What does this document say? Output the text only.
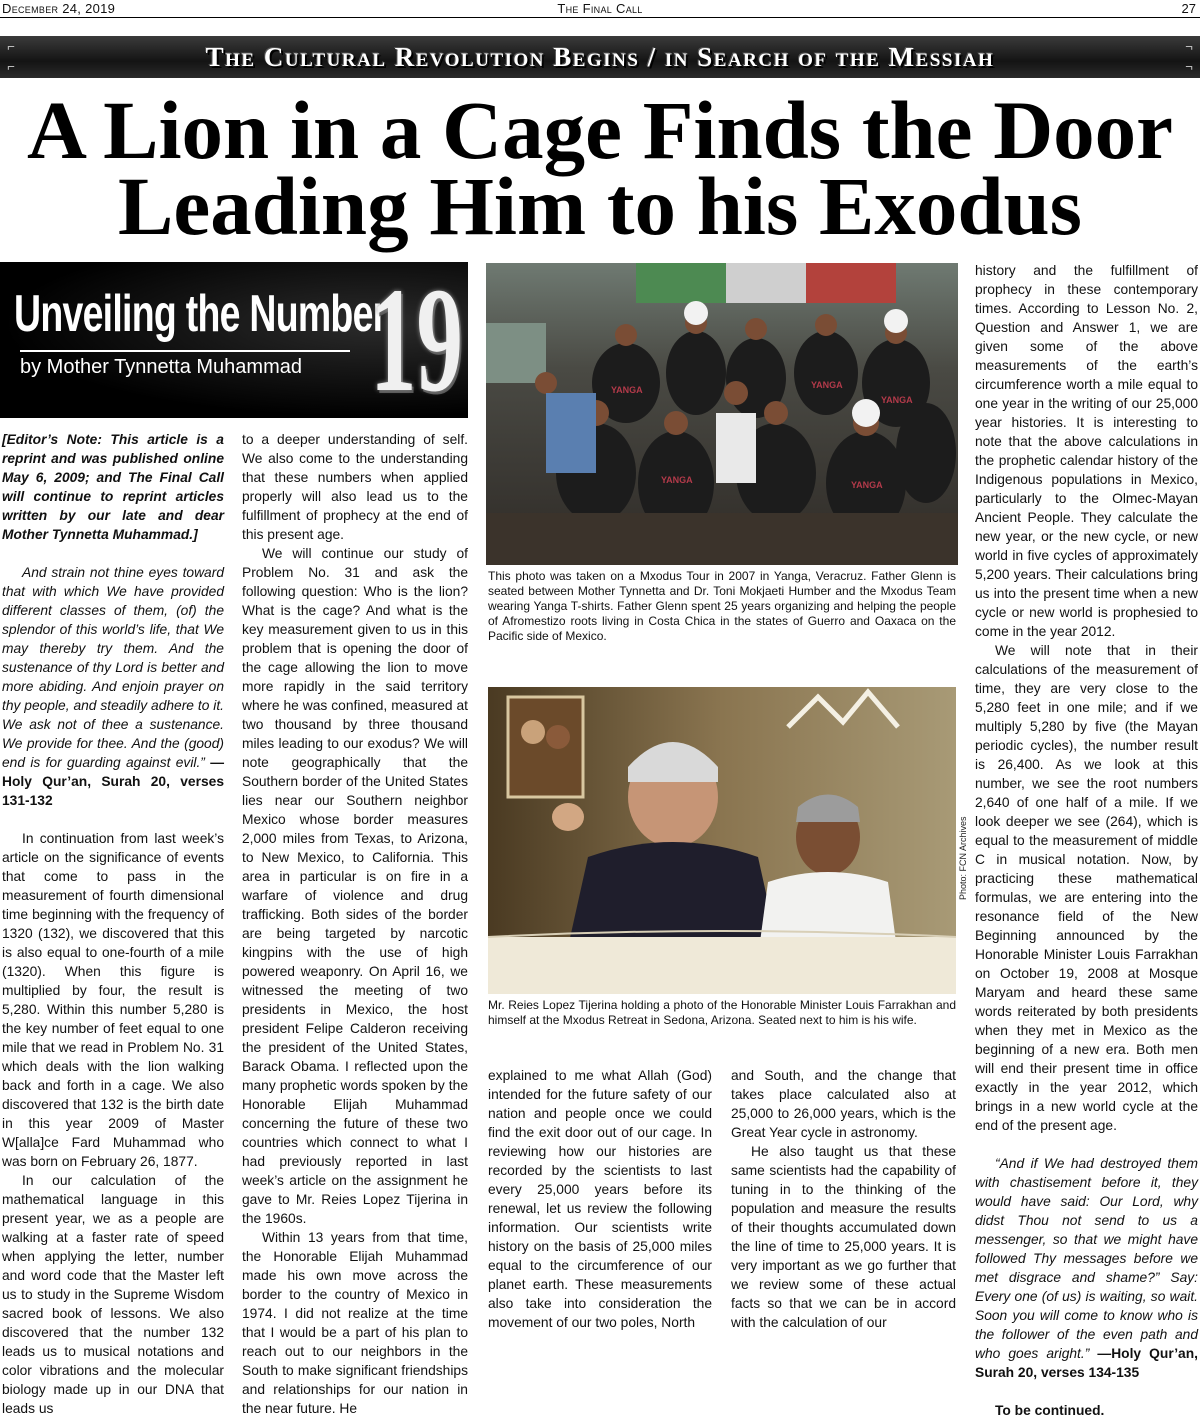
December 24, 2019	The Final Call	27
⌐
⌐
¬
¬
The Cultural Revolution Begins / in Search of the Messiah
A Lion in a Cage Finds the Door
Leading Him to his Exodus
Unveiling the Number
by Mother Tynnetta Muhammad 19

[Editor’s Note: This article is a reprint and was published online May 6, 2009; and The Final Call will continue to reprint articles written by our late and dear Mother Tynnetta Muhammad.]

And strain not thine eyes toward that with which We have provided different classes of them, (of) the splendor of this world’s life, that We may thereby try them. And the sustenance of thy Lord is better and more abiding. And enjoin prayer on thy people, and steadily adhere to it. We ask not of thee a sustenance. We provide for thee. And the (good) end is for guarding against evil.” —Holy Qur’an, Surah 20, verses 131-132

In continuation from last week’s article on the significance of events that come to pass in the measurement of fourth dimensional time beginning with the frequency of 1320 (132), we discovered that this is also equal to one-fourth of a mile (1320). When this figure is multiplied by four, the result is 5,280. Within this number 5,280 is the key number of feet equal to one mile that we read in Problem No. 31 which deals with the lion walking back and forth in a cage. We also discovered that 132 is the birth date in this year 2009 of Master W[alla]ce Fard Muhammad who was born on February 26, 1877.

In our calculation of the mathematical language in this present year, we as a people are walking at a faster rate of speed when applying the letter, number and word code that the Master left us to study in the Supreme Wisdom sacred book of lessons. We also discovered that the number 132 leads us to musical notations and color vibrations and the molecular biology made up in our DNA that leads us

to a deeper understanding of self. We also come to the understanding that these numbers when applied properly will also lead us to the fulfillment of prophecy at the end of this present age.

We will continue our study of Problem No. 31 and ask the following question: Who is the lion? What is the cage? And what is the key measurement given to us in this problem that is opening the door of the cage allowing the lion to move more rapidly in the said territory where he was confined, measured at two thousand by three thousand miles leading to our exodus? We will note geographically that the Southern border of the United States lies near our Southern neighbor Mexico whose border measures 2,000 miles from Texas, to Arizona, to New Mexico, to California. This area in particular is on fire in a warfare of violence and drug trafficking. Both sides of the border are being targeted by narcotic kingpins with the use of high powered weaponry. On April 16, we witnessed the meeting of two presidents in Mexico, the host president Felipe Calderon receiving the president of the United States, Barack Obama. I reflected upon the many prophetic words spoken by the Honorable Elijah Muhammad concerning the future of these two countries which connect to what I had previously reported in last week’s article on the assignment he gave to Mr. Reies Lopez Tijerina in the 1960s.

Within 13 years from that time, the Honorable Elijah Muhammad made his own move across the border to the country of Mexico in 1974. I did not realize at the time that I would be a part of his plan to reach out to our neighbors in the South to make significant friendships and relationships for our nation in the near future. He

YANGA	YANGA
YANGA
YANGA	YANGA
This photo was taken on a Mxodus Tour in 2007 in Yanga, Veracruz. Father Glenn is seated between Mother Tynnetta and Dr. Toni Mokjaeti Humber and the Mxodus Team wearing Yanga T-shirts. Father Glenn spent 25 years organizing and helping the people of Afromestizo roots living in Costa Chica in the states of Guerro and Oaxaca on the Pacific side of Mexico.
Photo: FCN Archives
Mr. Reies Lopez Tijerina holding a photo of the Honorable Minister Louis Farrakhan and himself at the Mxodus Retreat in Sedona, Arizona. Seated next to him is his wife.

explained to me what Allah (God) intended for the future safety of our nation and people once we could find the exit door out of our cage. In reviewing how our histories are recorded by the scientists to last every 25,000 years before its renewal, let us review the following information. Our scientists write history on the basis of 25,000 miles equal to the circumference of our planet earth. These measurements also take into consideration the movement of our two poles, North

and South, and the change that takes place calculated also at 25,000 to 26,000 years, which is the Great Year cycle in astronomy.

He also taught us that these same scientists had the capability of tuning in to the thinking of the population and measure the results of their thoughts accumulated down the line of time to 25,000 years. It is very important as we go further that we review some of these actual facts so that we can be in accord with the calculation of our

history and the fulfillment of prophecy in these contemporary times. According to Lesson No. 2, Question and Answer 1, we are given some of the above measurements of the earth’s circumference worth a mile equal to one year in the writing of our 25,000 year histories. It is interesting to note that the above calculations in the prophetic calendar history of the Indigenous populations in Mexico, particularly to the Olmec-Mayan Ancient People. They calculate the new year, or the new cycle, or new world in five cycles of approximately 5,200 years. Their calculations bring us into the present time when a new cycle or new world is prophesied to come in the year 2012.

We will note that in their calculations of the measurement of time, they are very close to the 5,280 feet in one mile; and if we multiply 5,280 by five (the Mayan periodic cycles), the number result is 26,400. As we look at this number, we see the root numbers 2,640 of one half of a mile. If we look deeper we see (264), which is equal to the measurement of middle C in musical notation. Now, by practicing these mathematical formulas, we are entering into the resonance field of the New Beginning announced by the Honorable Minister Louis Farrakhan on October 19, 2008 at Mosque Maryam and heard these same words reiterated by both presidents when they met in Mexico as the beginning of a new era. Both men will end their present time in office exactly in the year 2012, which brings in a new world cycle at the end of the present age.

“And if We had destroyed them with chastisement before it, they would have said: Our Lord, why didst Thou not send to us a messenger, so that we might have followed Thy messages before we met disgrace and shame?” Say: Every one (of us) is waiting, so wait. Soon you will come to know who is the follower of the even path and who goes aright.” —Holy Qur’an, Surah 20, verses 134-135

To be continued.
